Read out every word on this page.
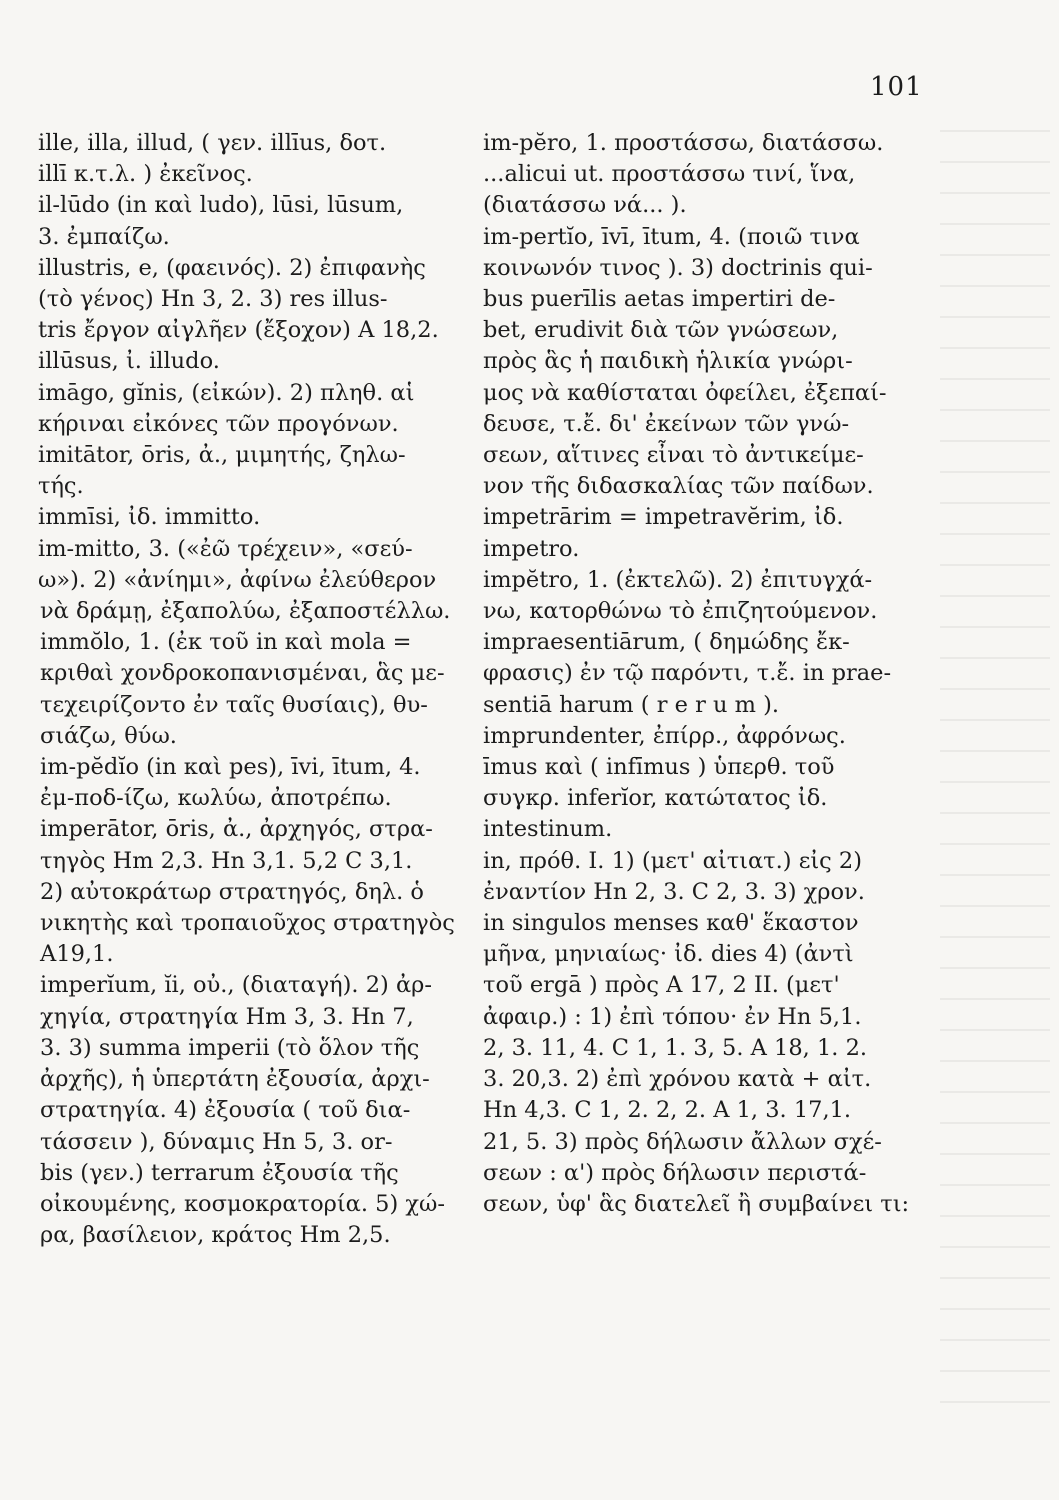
101
ille, illa, illud, ( γεν. illīus, δοτ.
illī κ.τ.λ. ) ἐκεῖνος.
il-lūdo (in καὶ ludo), lūsi, lūsum,
3. ἐμπαίζω.
illustris, e, (φαεινός). 2) ἐπιφανὴς
(τὸ γένος) Hn 3, 2. 3) res illus-
tris ἔργον αἰγλῆεν (ἔξοχον) A 18,2.
illūsus, ἰ. illudo.
imāgo, gĭnis, (εἰκών). 2) πληθ. αἱ
κήριναι εἰκόνες τῶν προγόνων.
imitātor, ōris, ἀ., μιμητής, ζηλω-
τής.
immīsi, ἰδ. immitto.
im-mitto, 3. («ἐῶ τρέχειν», «σεύ-
ω»). 2) «ἀνίημι», ἀφίνω ἐλεύθερον
νὰ δράμῃ, ἐξαπολύω, ἐξαποστέλλω.
immŏlo, 1. (ἐκ τοῦ in καὶ mola =
κριθαὶ χονδροκοπανισμέναι, ἃς με-
τεχειρίζοντο ἐν ταῖς θυσίαις), θυ-
σιάζω, θύω.
im-pĕdĭo (in καὶ pes), īvi, ītum, 4.
ἐμ-ποδ-ίζω, κωλύω, ἀποτρέπω.
imperātor, ōris, ἀ., ἀρχηγός, στρα-
τηγὸς Hm 2,3. Hn 3,1. 5,2 C 3,1.
2) αὐτοκράτωρ στρατηγός, δηλ. ὁ
νικητὴς καὶ τροπαιοῦχος στρατηγὸς
A19,1.
imperĭum, ĭi, οὐ., (διαταγή). 2) ἀρ-
χηγία, στρατηγία Hm 3, 3. Hn 7,
3. 3) summa imperii (τὸ ὅλον τῆς
ἀρχῆς), ἡ ὑπερτάτη ἐξουσία, ἀρχι-
στρατηγία. 4) ἐξουσία ( τοῦ δια-
τάσσειν ), δύναμις Hn 5, 3. or-
bis (γεν.) terrarum ἐξουσία τῆς
οἰκουμένης, κοσμοκρατορία. 5) χώ-
ρα, βασίλειον, κράτος Hm 2,5.
im-pĕro, 1. προστάσσω, διατάσσω.
...alicui ut. προστάσσω τινί, ἵνα,
(διατάσσω νά... ).
im-pertĭo, īvī, ītum, 4. (ποιῶ τινα
κοινωνόν τινος ). 3) doctrinis qui-
bus puerīlis aetas impertiri de-
bet, erudivit διὰ τῶν γνώσεων,
πρὸς ἃς ἡ παιδικὴ ἡλικία γνώρι-
μος νὰ καθίσταται ὀφείλει, ἐξεπαί-
δευσε, τ.ἔ. δι' ἐκείνων τῶν γνώ-
σεων, αἵτινες εἶναι τὸ ἀντικείμε-
νον τῆς διδασκαλίας τῶν παίδων.
impetrārim = impetravĕrim, ἰδ.
impetro.
impĕtro, 1. (ἐκτελῶ). 2) ἐπιτυγχά-
νω, κατορθώνω τὸ ἐπιζητούμενον.
impraesentiārum, ( δημώδης ἔκ-
φρασις) ἐν τῷ παρόντι, τ.ἔ. in prae-
sentiā harum ( r e r u m ).
imprundenter, ἐπίρρ., ἀφρόνως.
īmus καὶ ( infīmus ) ὑπερθ. τοῦ
συγκρ. inferĭor, κατώτατος ἰδ.
intestinum.
in, πρόθ. I. 1) (μετ' αἰτιατ.) εἰς 2)
ἐναντίον Hn 2, 3. C 2, 3. 3) χρον.
in singulos menses καθ' ἕκαστον
μῆνα, μηνιαίως· ἰδ. dies 4) (ἀντὶ
τοῦ ergā ) πρὸς A 17, 2 II. (μετ'
ἀφαιρ.) : 1) ἐπὶ τόπου· ἐν Hn 5,1.
2, 3. 11, 4. C 1, 1. 3, 5. A 18, 1. 2.
3. 20,3. 2) ἐπὶ χρόνου κατὰ + αἰτ.
Hn 4,3. C 1, 2. 2, 2. A 1, 3. 17,1.
21, 5. 3) πρὸς δήλωσιν ἄλλων σχέ-
σεων : α') πρὸς δήλωσιν περιστά-
σεων, ὑφ' ἃς διατελεῖ ἢ συμβαίνει τι:
